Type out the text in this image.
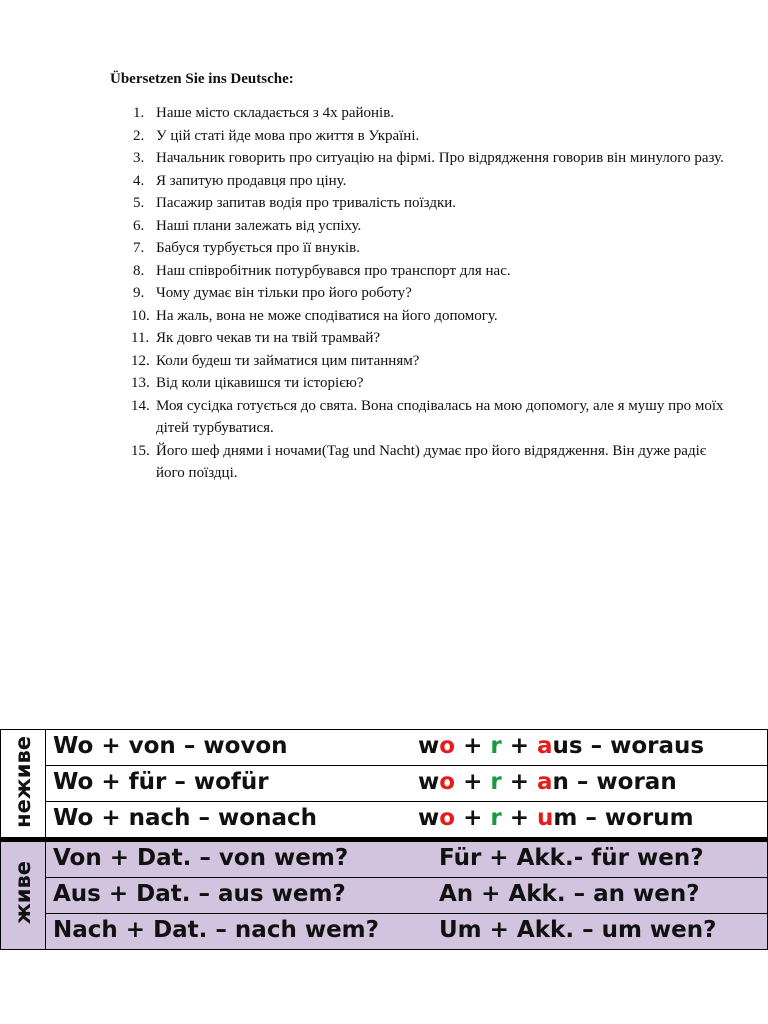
Übersetzen Sie ins Deutsche:
1. Наше місто складається з 4х районів.
2. У цій статі йде мова про життя в Україні.
3. Начальник говорить про ситуацію на фірмі. Про відрядження говорив він минулого разу.
4. Я запитую продавця про ціну.
5. Пасажир запитав водія про тривалість поїздки.
6. Наші плани залежать від успіху.
7. Бабуся турбується про її внуків.
8. Наш співробітник потурбувався про транспорт для нас.
9. Чому думає він тільки про його роботу?
10. На жаль, вона не може сподіватися на його допомогу.
11. Як довго чекав ти на твій трамвай?
12. Коли будеш ти займатися цим питанням?
13. Від коли цікавишся ти історією?
14. Моя сусідка готується до свята. Вона сподівалась на мою допомогу, але я мушу про моїх дітей турбуватися.
15. Його шеф днями і ночами(Tag und Nacht) думає про його відрядження. Він дуже радіє його поїздці.
неживе	Wo + von – wovon	wo + r + aus – woraus

Wo + für – wofür	wo + r + an – woran

Wo + nach – wonach	wo + r + um – worum
живе	
Von + Dat. – von wem?	Für + Akk.- für wen?

Aus + Dat. – aus wem?	An + Akk. – an wen?

Nach + Dat. – nach wem?	Um + Akk. – um wen?
